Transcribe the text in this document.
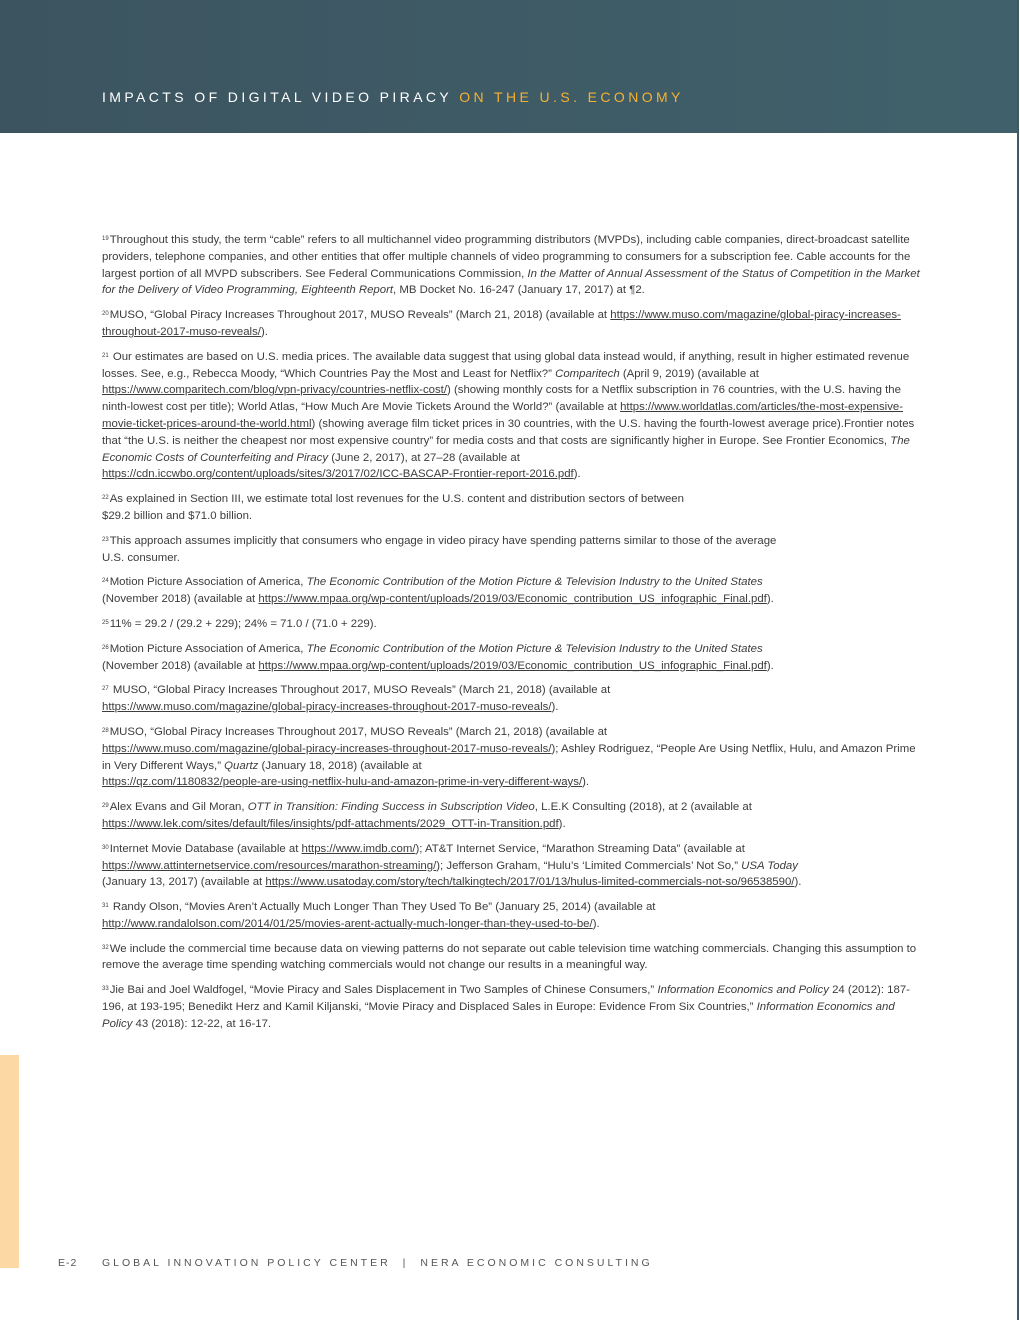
IMPACTS OF DIGITAL VIDEO PIRACY ON THE U.S. ECONOMY

$^{19}$Throughout this study, the term “cable” refers to all multichannel video programming distributors (MVPDs), including cable companies, direct-broadcast satellite providers, telephone companies, and other entities that offer multiple channels of video programming to consumers for a subscription fee. Cable accounts for the largest portion of all MVPD subscribers. See Federal Communications Commission, In the Matter of Annual Assessment of the Status of Competition in the Market for the Delivery of Video Programming, Eighteenth Report, MB Docket No. 16-247 (January 17, 2017) at ¶2.

$^{20}$MUSO, “Global Piracy Increases Throughout 2017, MUSO Reveals” (March 21, 2018) (available at https://www.muso.com/magazine/global-piracy-increases-throughout-2017-muso-reveals/).

$^{21}$ Our estimates are based on U.S. media prices. The available data suggest that using global data instead would, if anything, result in higher estimated revenue losses. See, e.g., Rebecca Moody, “Which Countries Pay the Most and Least for Netflix?” Comparitech (April 9, 2019) (available at https://www.comparitech.com/blog/vpn-privacy/countries-netflix-cost/) (showing monthly costs for a Netflix subscription in 76 countries, with the U.S. having the ninth-lowest cost per title); World Atlas, “How Much Are Movie Tickets Around the World?” (available at https://www.worldatlas.com/articles/the-most-expensive-movie-ticket-prices-around-the-world.html) (showing average film ticket prices in 30 countries, with the U.S. having the fourth-lowest average price).Frontier notes that “the U.S. is neither the cheapest nor most expensive country” for media costs and that costs are significantly higher in Europe. See Frontier Economics, The Economic Costs of Counterfeiting and Piracy (June 2, 2017), at 27–28 (available at
https://cdn.iccwbo.org/content/uploads/sites/3/2017/02/ICC-BASCAP-Frontier-report-2016.pdf).

$^{22}$As explained in Section III, we estimate total lost revenues for the U.S. content and distribution sectors of between
$29.2 billion and $71.0 billion.

$^{23}$This approach assumes implicitly that consumers who engage in video piracy have spending patterns similar to those of the average
U.S. consumer.

$^{24}$Motion Picture Association of America, The Economic Contribution of the Motion Picture & Television Industry to the United States
(November 2018) (available at https://www.mpaa.org/wp-content/uploads/2019/03/Economic_contribution_US_infographic_Final.pdf).

$^{25}$11% = 29.2 / (29.2 + 229); 24% = 71.0 / (71.0 + 229).

$^{26}$Motion Picture Association of America, The Economic Contribution of the Motion Picture & Television Industry to the United States
(November 2018) (available at https://www.mpaa.org/wp-content/uploads/2019/03/Economic_contribution_US_infographic_Final.pdf).

$^{27}$ MUSO, “Global Piracy Increases Throughout 2017, MUSO Reveals” (March 21, 2018) (available at
https://www.muso.com/magazine/global-piracy-increases-throughout-2017-muso-reveals/).

$^{28}$MUSO, “Global Piracy Increases Throughout 2017, MUSO Reveals” (March 21, 2018) (available at
https://www.muso.com/magazine/global-piracy-increases-throughout-2017-muso-reveals/); Ashley Rodriguez, “People Are Using Netflix, Hulu, and Amazon Prime in Very Different Ways,” Quartz (January 18, 2018) (available at
https://qz.com/1180832/people-are-using-netflix-hulu-and-amazon-prime-in-very-different-ways/).

$^{29}$Alex Evans and Gil Moran, OTT in Transition: Finding Success in Subscription Video, L.E.K Consulting (2018), at 2 (available at
https://www.lek.com/sites/default/files/insights/pdf-attachments/2029_OTT-in-Transition.pdf).

$^{30}$Internet Movie Database (available at https://www.imdb.com/); AT&T Internet Service, “Marathon Streaming Data” (available at
https://www.attinternetservice.com/resources/marathon-streaming/); Jefferson Graham, “Hulu’s ‘Limited Commercials’ Not So,” USA Today
(January 13, 2017) (available at https://www.usatoday.com/story/tech/talkingtech/2017/01/13/hulus-limited-commercials-not-so/96538590/).

$^{31}$ Randy Olson, “Movies Aren’t Actually Much Longer Than They Used To Be” (January 25, 2014) (available at
http://www.randalolson.com/2014/01/25/movies-arent-actually-much-longer-than-they-used-to-be/).

$^{32}$We include the commercial time because data on viewing patterns do not separate out cable television time watching commercials. Changing this assumption to remove the average time spending watching commercials would not change our results in a meaningful way.

$^{33}$Jie Bai and Joel Waldfogel, “Movie Piracy and Sales Displacement in Two Samples of Chinese Consumers,” Information Economics and Policy 24 (2012): 187-196, at 193-195; Benedikt Herz and Kamil Kiljanski, “Movie Piracy and Displaced Sales in Europe: Evidence From Six Countries,” Information Economics and Policy 43 (2018): 12-22, at 16-17.

E-2 GLOBAL INNOVATION POLICY CENTER | NERA ECONOMIC CONSULTING
